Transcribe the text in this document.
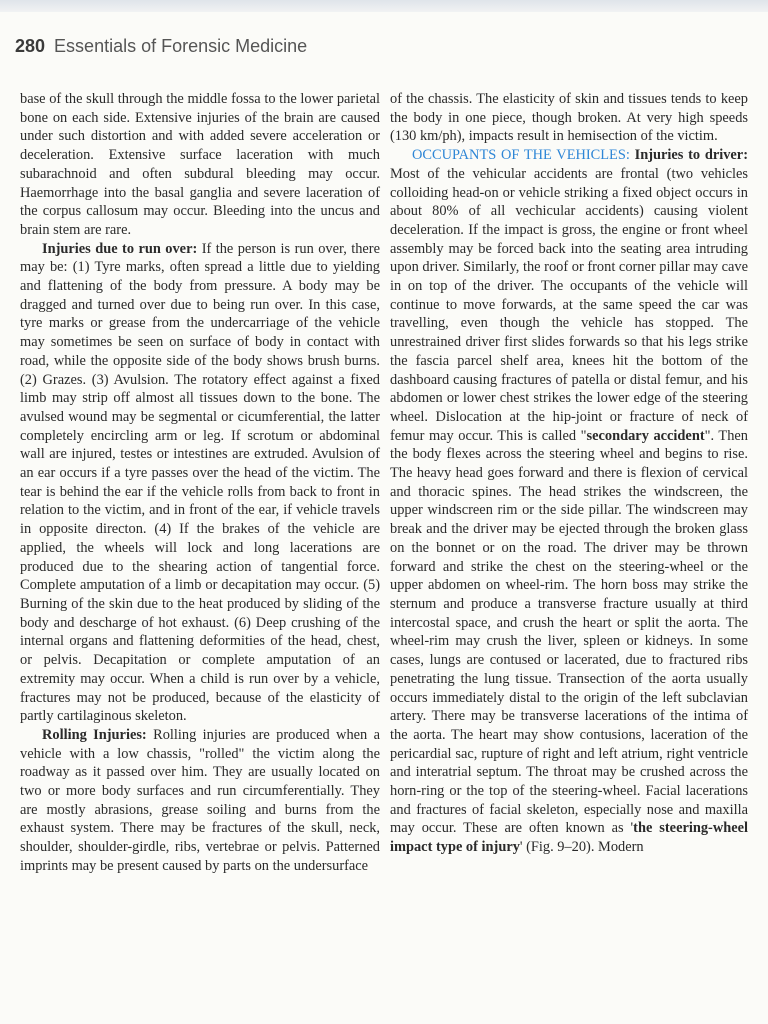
280 Essentials of Forensic Medicine

base of the skull through the middle fossa to the lower parietal bone on each side. Extensive injuries of the brain are caused under such distortion and with added severe acceleration or deceleration. Extensive surface laceration with much subarachnoid and often subdural bleeding may occur. Haemorrhage into the basal ganglia and severe laceration of the corpus callosum may occur. Bleeding into the uncus and brain stem are rare.

Injuries due to run over: If the person is run over, there may be: (1) Tyre marks, often spread a little due to yielding and flattening of the body from pressure. A body may be dragged and turned over due to being run over. In this case, tyre marks or grease from the undercarriage of the vehicle may sometimes be seen on surface of body in contact with road, while the opposite side of the body shows brush burns. (2) Grazes. (3) Avulsion. The rotatory effect against a fixed limb may strip off almost all tissues down to the bone. The avulsed wound may be segmental or cicumferential, the latter completely encircling arm or leg. If scrotum or abdominal wall are injured, testes or intestines are extruded. Avulsion of an ear occurs if a tyre passes over the head of the victim. The tear is behind the ear if the vehicle rolls from back to front in relation to the victim, and in front of the ear, if vehicle travels in opposite directon. (4) If the brakes of the vehicle are applied, the wheels will lock and long lacerations are produced due to the shearing action of tangential force. Complete amputation of a limb or decapitation may occur. (5) Burning of the skin due to the heat produced by sliding of the body and descharge of hot exhaust. (6) Deep crushing of the internal organs and flattening deformities of the head, chest, or pelvis. Decapitation or complete amputation of an extremity may occur. When a child is run over by a vehicle, fractures may not be produced, because of the elasticity of partly cartilaginous skeleton.

Rolling Injuries: Rolling injuries are produced when a vehicle with a low chassis, "rolled" the victim along the roadway as it passed over him. They are usually located on two or more body surfaces and run circumferentially. They are mostly abrasions, grease soiling and burns from the exhaust system. There may be fractures of the skull, neck, shoulder, shoulder-girdle, ribs, vertebrae or pelvis. Patterned imprints may be present caused by parts on the undersurface

of the chassis. The elasticity of skin and tissues tends to keep the body in one piece, though broken. At very high speeds (130 km/ph), impacts result in hemisection of the victim.

OCCUPANTS OF THE VEHICLES: Injuries to driver: Most of the vehicular accidents are frontal (two vehicles colloiding head-on or vehicle striking a fixed object occurs in about 80% of all vechicular accidents) causing violent deceleration. If the impact is gross, the engine or front wheel assembly may be forced back into the seating area intruding upon driver. Similarly, the roof or front corner pillar may cave in on top of the driver. The occupants of the vehicle will continue to move forwards, at the same speed the car was travelling, even though the vehicle has stopped. The unrestrained driver first slides forwards so that his legs strike the fascia parcel shelf area, knees hit the bottom of the dashboard causing fractures of patella or distal femur, and his abdomen or lower chest strikes the lower edge of the steering wheel. Dislocation at the hip-joint or fracture of neck of femur may occur. This is called "secondary accident". Then the body flexes across the steering wheel and begins to rise. The heavy head goes forward and there is flexion of cervical and thoracic spines. The head strikes the windscreen, the upper windscreen rim or the side pillar. The windscreen may break and the driver may be ejected through the broken glass on the bonnet or on the road. The driver may be thrown forward and strike the chest on the steering-wheel or the upper abdomen on wheel-rim. The horn boss may strike the sternum and produce a transverse fracture usually at third intercostal space, and crush the heart or split the aorta. The wheel-rim may crush the liver, spleen or kidneys. In some cases, lungs are contused or lacerated, due to fractured ribs penetrating the lung tissue. Transection of the aorta usually occurs immediately distal to the origin of the left subclavian artery. There may be transverse lacerations of the intima of the aorta. The heart may show contusions, laceration of the pericardial sac, rupture of right and left atrium, right ventricle and interatrial septum. The throat may be crushed across the horn-ring or the top of the steering-wheel. Facial lacerations and fractures of facial skeleton, especially nose and maxilla may occur. These are often known as 'the steering-wheel impact type of injury' (Fig. 9–20). Modern
